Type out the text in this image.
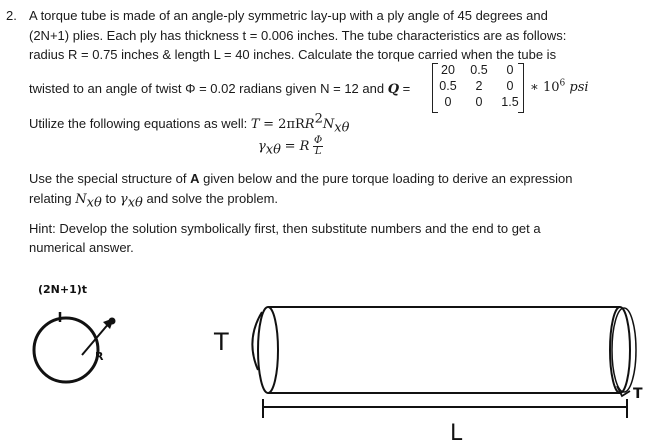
2. A torque tube is made of an angle-ply symmetric lay-up with a ply angle of 45 degrees and
(2N+1) plies. Each ply has thickness t = 0.006 inches. The tube characteristics are as follows:
radius R = 0.75 inches & length L = 40 inches. Calculate the torque carried when the tube is
twisted to an angle of twist Φ = 0.02 radians given N = 12 and Q =
20	0.5	0
0.5	2	0
0	0	1.5
∗ $10^6$ psi
Utilize the following equations as well: $T = 2\pi RR^2N_{x\theta}$
$\gamma_{x\theta} = R \frac{\Phi}{L}$
Use the special structure of A given below and the pure torque loading to derive an expression
relating $N_{x\theta}$ to $\gamma_{x\theta}$ and solve the problem.
Hint: Develop the solution symbolically first, then substitute numbers and the end to get a
numerical answer.
(2N+1)t
R
T
T
L
